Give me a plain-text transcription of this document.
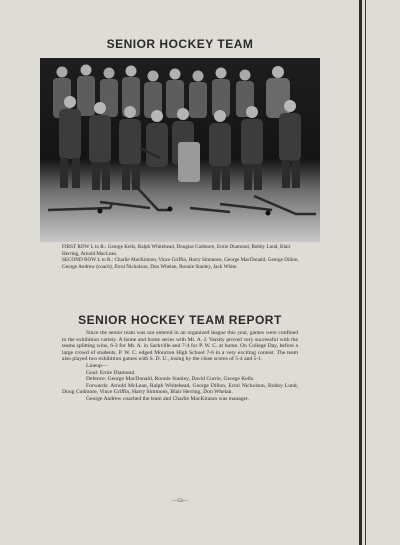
SENIOR HOCKEY TEAM

FIRST ROW L to R.: George Kells, Ralph Whitehead, Douglas Cudmore, Ernie Diamond, Bobby Lund, Blair Herring, Arnold MacLean.

SECOND ROW L to R.: Charlie MacKinnon, Vince Griffin, Harry Simmons, George MacDonald, George Dillon, George Andrew (coach), Errol Nicholson, Don Whelan, Ronnie Stanley, Jack White.

SENIOR HOCKEY TEAM REPORT

Since the senior team was not entered in an organized league this year, games were confined to the exhibition variety. A home and home series with Mt. A. J. Varsity proved very successful with the teams splitting wins, 6-3 for Mt. A. in Sackville and 7-4 for P. W. C. at home. On College Day, before a large crowd of students, P. W. C. edged Moncton High School 7-6 in a very exciting contest. The team also played two exhibition games with S. D. U., losing by the close scores of 5-4 and 5-1.

Lineup—

Goal: Ernie Diamond.

Defence: George MacDonald, Ronnie Stanley, David Currie, George Kells.

Forwards: Arnold McLean, Ralph Whitehead, George Dillon, Errol Nicholson, Bobby Lund, Doug Cudmore, Vince Griffin, Harry Simmons, Blair Herring, Don Whelan.

George Andrew coached the team and Charlie MacKinnon was manager.

—53—
